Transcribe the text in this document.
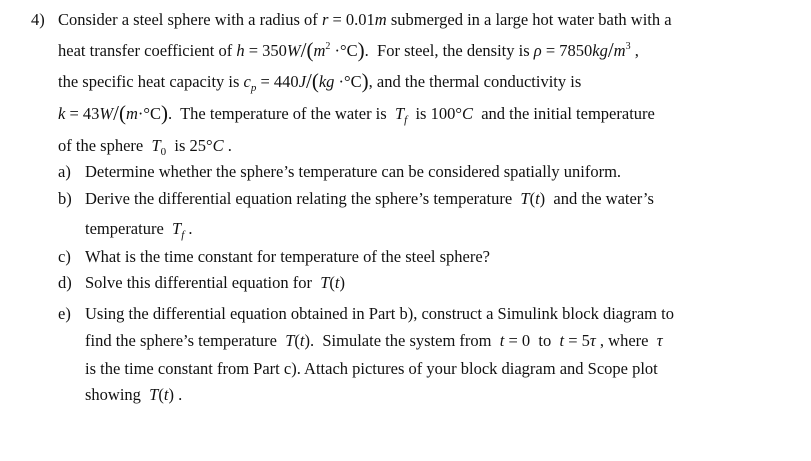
4) Consider a steel sphere with a radius of r = 0.01m submerged in a large hot water bath with a
heat transfer coefficient of $h = 350W/(m^2 \cdot^\circ C)$.  For steel, the density is $\rho = 7850kg/m^3$ ,
the specific heat capacity is $c_p = 440J/(kg \cdot^\circ C)$, and the thermal conductivity is
k = 43W/(m·°C).  The temperature of the water is  $T_f$  is 100°C  and the initial temperature
of the sphere  $T_0$  is 25°C .
a) Determine whether the sphere’s temperature can be considered spatially uniform.
b) Derive the differential equation relating the sphere’s temperature  T(t)  and the water’s
temperature  $T_f$ .
c) What is the time constant for temperature of the steel sphere?
d) Solve this differential equation for  T(t)
e) Using the differential equation obtained in Part b), construct a Simulink block diagram to
find the sphere’s temperature  T(t).  Simulate the system from  t = 0  to  t = 5τ , where  τ
is the time constant from Part c). Attach pictures of your block diagram and Scope plot
showing  T(t) .
